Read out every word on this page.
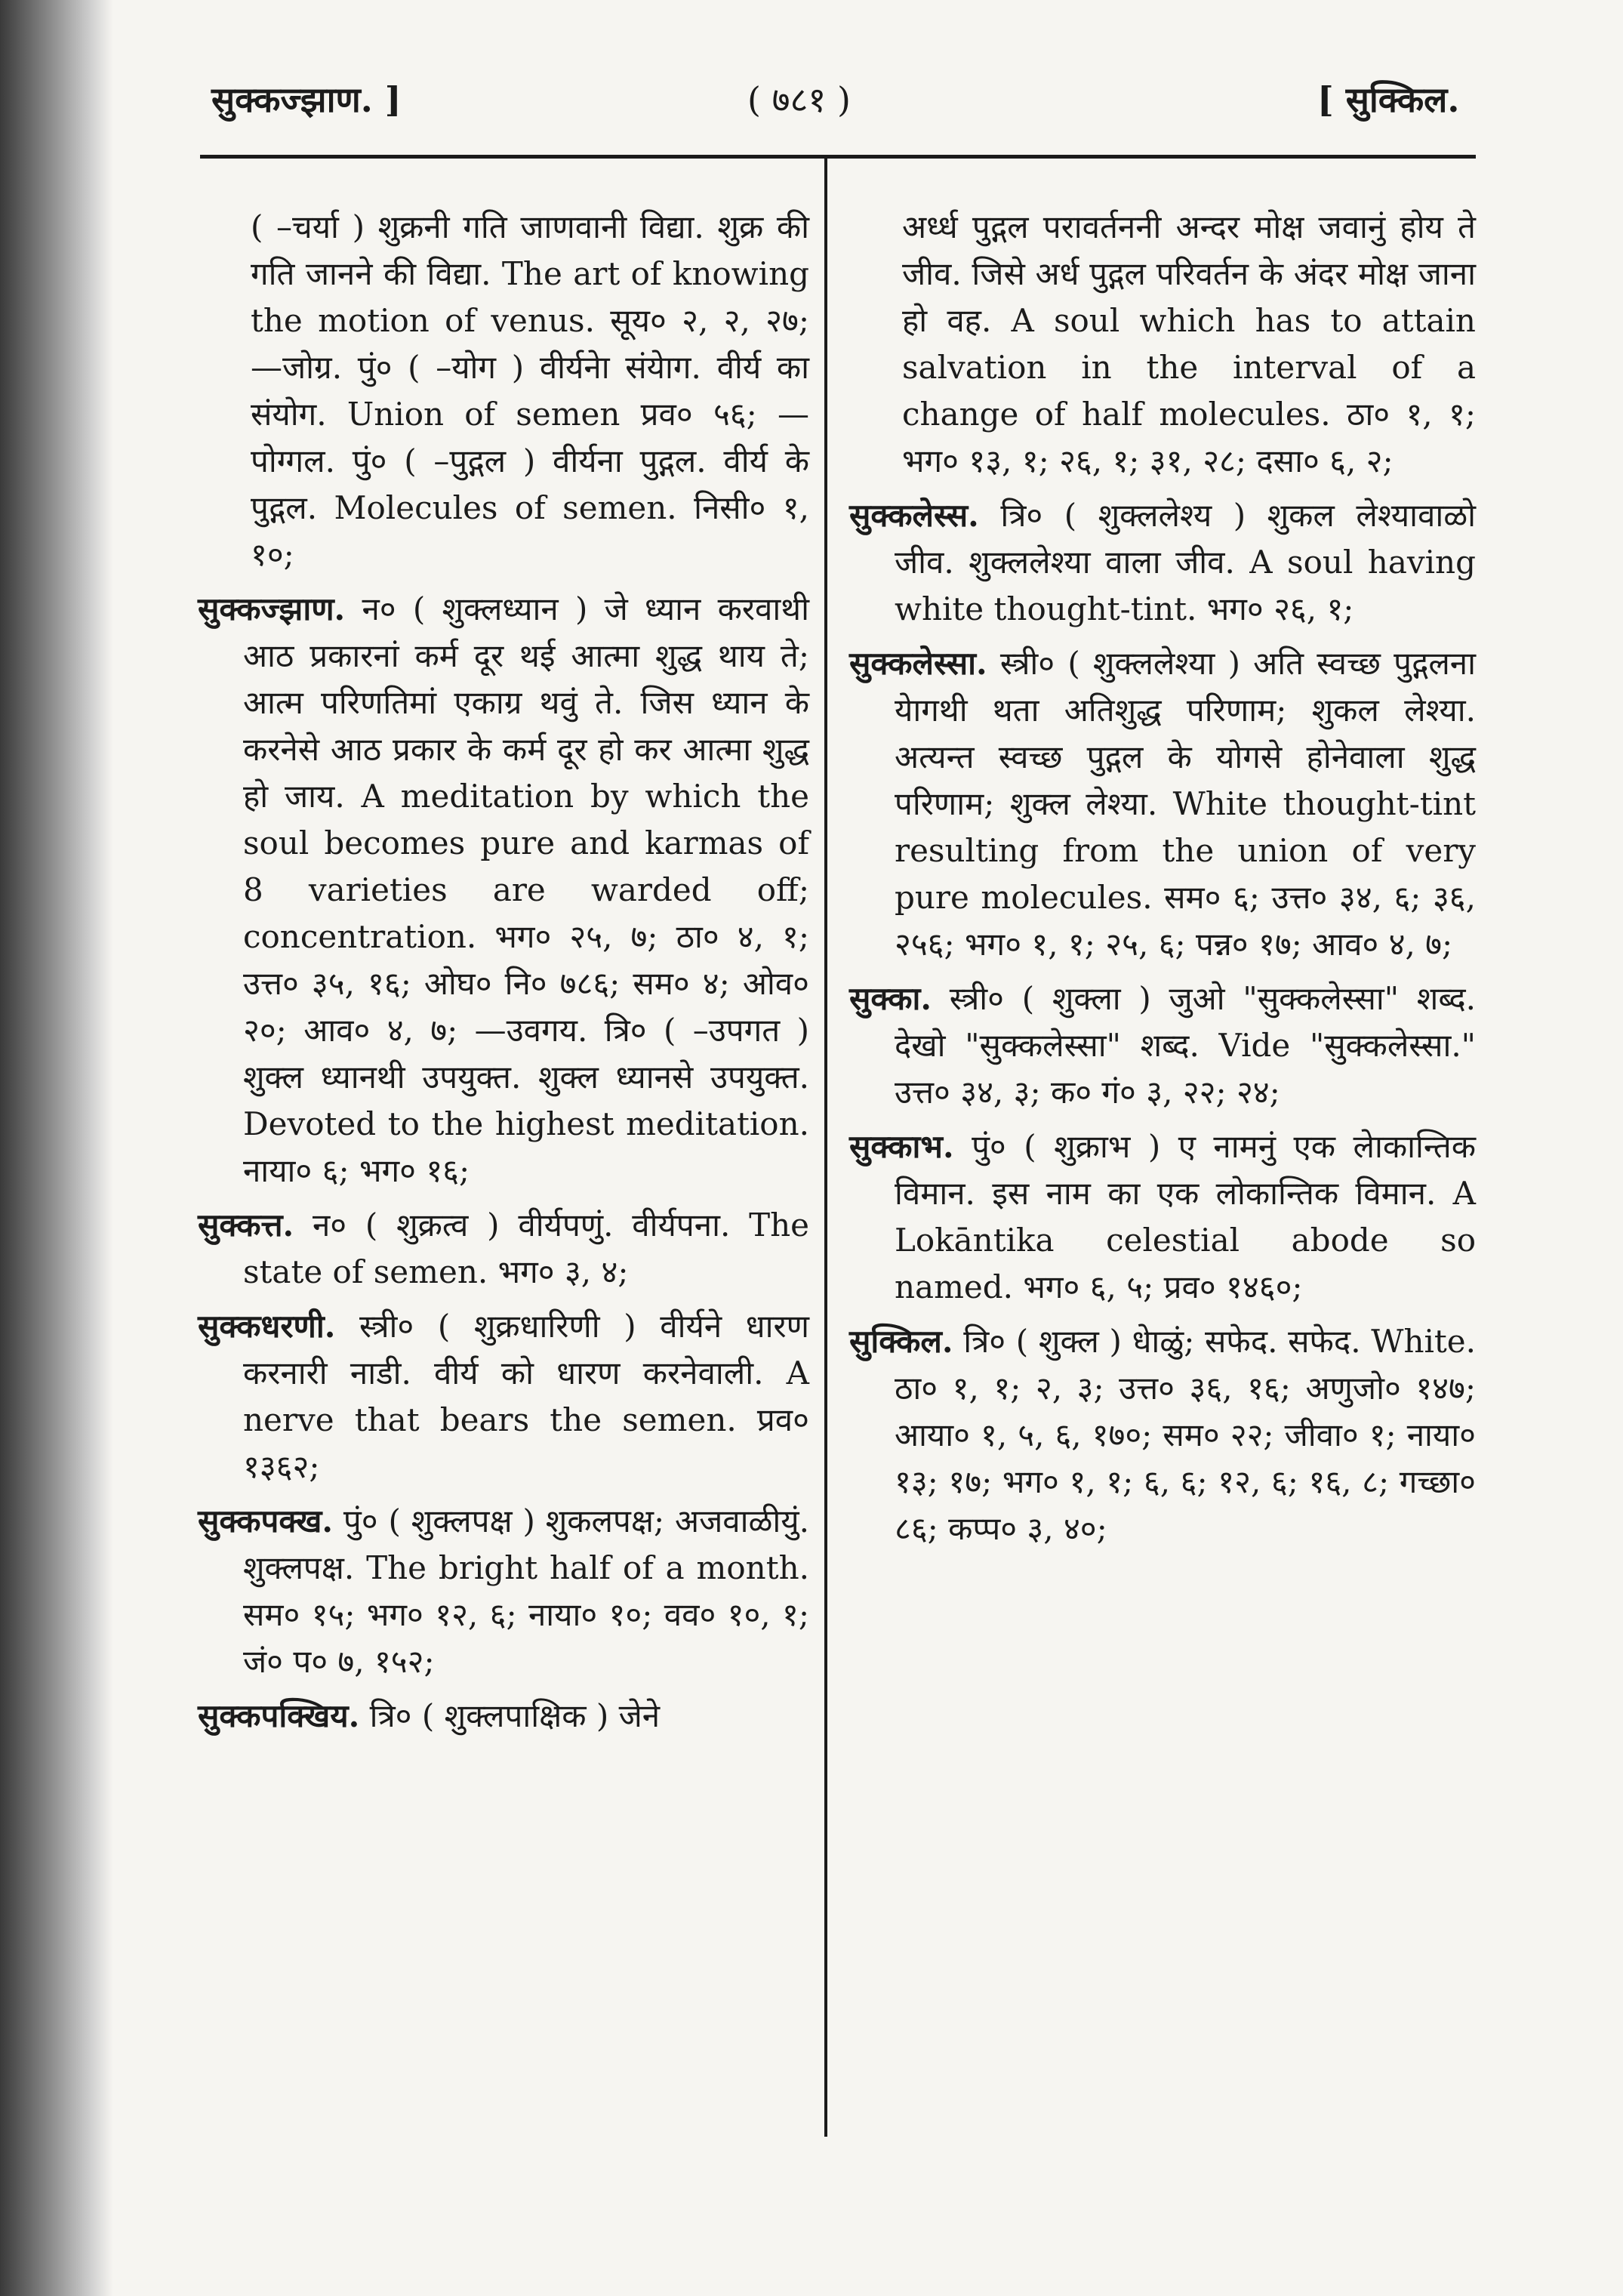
सुक्कज्झाण. ]	( ७८१ )	[ सुक्किल.

( –चर्या ) शुक्रनी गति जाणवानी विद्या. शुक्र की गति जानने की विद्या. The art of knowing the motion of venus. सूय० २, २, २७; —जोग्र. पुं० ( –योग ) वीर्यनेा संयेाग. वीर्य का संयोग. Union of semen प्रव० ५६; —पोग्गल. पुं० ( –पुद्गल ) वीर्यना पुद्गल. वीर्य के पुद्गल. Molecules of semen. निसी० १, १०;

सुक्कज्झाण. न० ( शुक्लध्यान ) जे ध्यान करवाथी आठ प्रकारनां कर्म दूर थई आत्मा शुद्ध थाय ते; आत्म परिणतिमां एकाग्र थवुं ते. जिस ध्यान के करनेसे आठ प्रकार के कर्म दूर हो कर आत्मा शुद्ध हो जाय. A meditation by which the soul becomes pure and karmas of 8 varieties are warded off; concentration. भग० २५, ७; ठा० ४, १; उत्त० ३५, १६; ओघ० नि० ७८६; सम० ४; ओव० २०; आव० ४, ७; —उवगय. त्रि० ( –उपगत ) शुक्ल ध्यानथी उपयुक्त. शुक्ल ध्यानसे उपयुक्त. Devoted to the highest meditation. नाया० ६; भग० १६;

सुक्कत्त. न० ( शुक्रत्व ) वीर्यपणुं. वीर्यपना. The state of semen. भग० ३, ४;

सुक्कधरणी. स्त्री० ( शुक्रधारिणी ) वीर्यने धारण करनारी नाडी. वीर्य को धारण करनेवाली. A nerve that bears the semen. प्रव० १३६२;

सुक्कपक्ख. पुं० ( शुक्लपक्ष ) शुकलपक्ष; अजवाळीयुं. शुक्लपक्ष. The bright half of a month. सम० १५; भग० १२, ६; नाया० १०; वव० १०, १; जं० प० ७, १५२;

सुक्कपक्खिय. त्रि० ( शुक्लपाक्षिक ) जेने

अर्ध्ध पुद्गल परावर्तननी अन्दर मोक्ष जवानुं होय ते जीव. जिसे अर्ध पुद्गल परिवर्तन के अंदर मोक्ष जाना हो वह. A soul which has to attain salvation in the interval of a change of half molecules. ठा० १, १; भग० १३, १; २६, १; ३१, २८; दसा० ६, २;

सुक्कलेस्स. त्रि० ( शुक्ललेश्य ) शुकल लेश्यावाळो जीव. शुक्ललेश्या वाला जीव. A soul having white thought-tint. भग० २६, १;

सुक्कलेस्सा. स्त्री० ( शुक्ललेश्या ) अति स्वच्छ पुद्गलना येागथी थता अतिशुद्ध परिणाम; शुकल लेश्या. अत्यन्त स्वच्छ पुद्गल के योगसे होनेवाला शुद्ध परिणाम; शुक्ल लेश्या. White thought-tint resulting from the union of very pure molecules. सम० ६; उत्त० ३४, ६; ३६, २५६; भग० १, १; २५, ६; पन्न० १७; आव० ४, ७;

सुक्का. स्त्री० ( शुक्ला ) जुओ "सुक्कलेस्सा" शब्द. देखो "सुक्कलेस्सा" शब्द. Vide "सुक्कलेस्सा." उत्त० ३४, ३; क० गं० ३, २२; २४;

सुक्काभ. पुं० ( शुक्राभ ) ए नामनुं एक लेाकान्तिक विमान. इस नाम का एक लोकान्तिक विमान. A Lokāntika celestial abode so named. भग० ६, ५; प्रव० १४६०;

सुक्किल. त्रि० ( शुक्ल ) धेाळुं; सफेद. सफेद. White. ठा० १, १; २, ३; उत्त० ३६, १६; अणुजो० १४७; आया० १, ५, ६, १७०; सम० २२; जीवा० १; नाया० १३; १७; भग० १, १; ६, ६; १२, ६; १६, ८; गच्छा० ८६; कप्प० ३, ४०;
